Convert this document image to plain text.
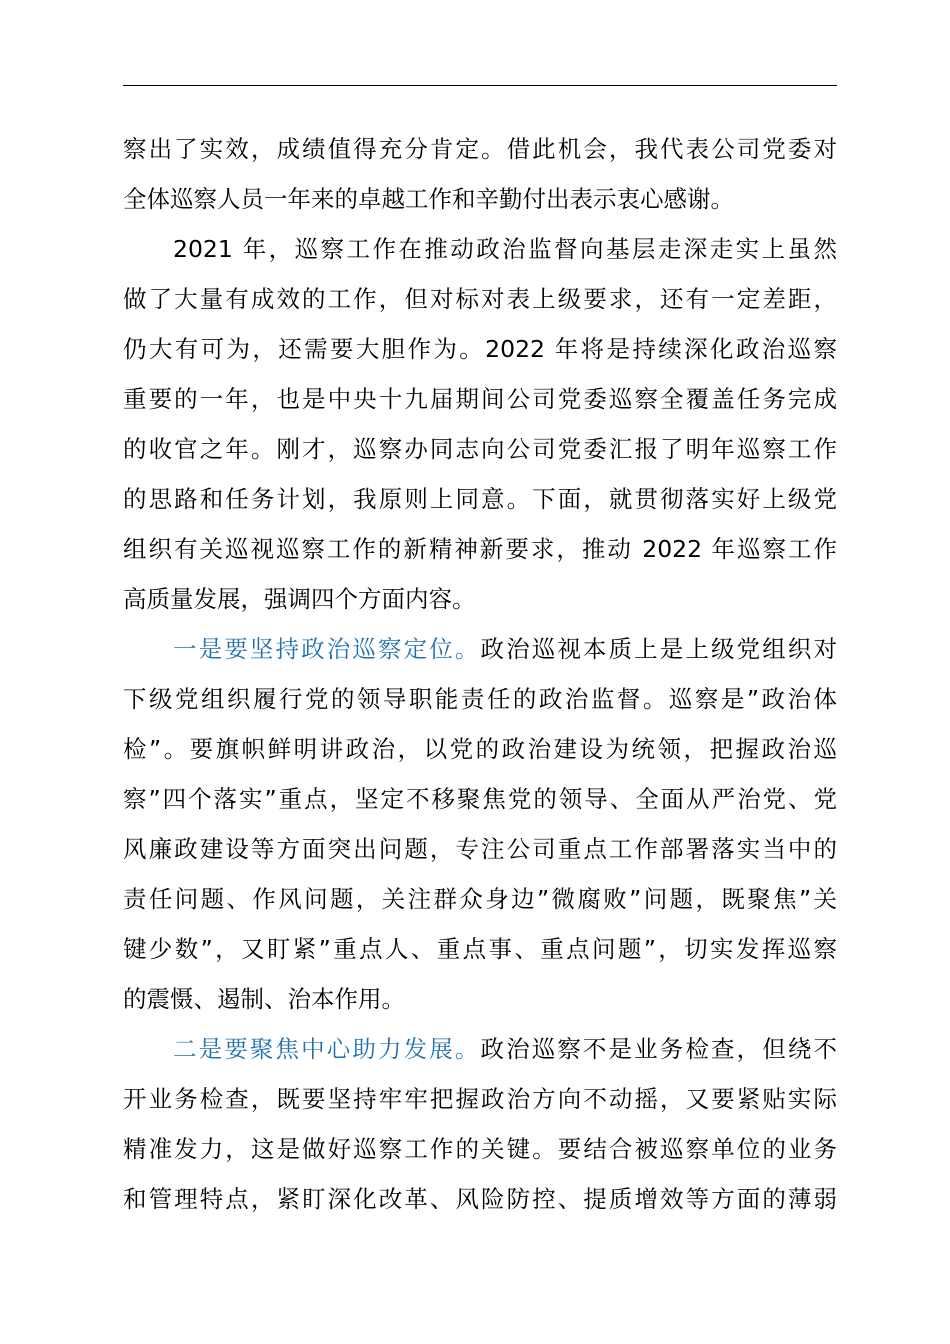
察出了实效，成绩值得充分肯定。借此机会，我代表公司党委对
全体巡察人员一年来的卓越工作和辛勤付出表示衷心感谢。
2021 年，巡察工作在推动政治监督向基层走深走实上虽然
做了大量有成效的工作，但对标对表上级要求，还有一定差距，
仍大有可为，还需要大胆作为。2022 年将是持续深化政治巡察
重要的一年，也是中央十九届期间公司党委巡察全覆盖任务完成
的收官之年。刚才，巡察办同志向公司党委汇报了明年巡察工作
的思路和任务计划，我原则上同意。下面，就贯彻落实好上级党
组织有关巡视巡察工作的新精神新要求，推动 2022 年巡察工作
高质量发展，强调四个方面内容。
一是要坚持政治巡察定位。政治巡视本质上是上级党组织对
下级党组织履行党的领导职能责任的政治监督。巡察是”政治体
检”。要旗帜鲜明讲政治，以党的政治建设为统领，把握政治巡
察”四个落实”重点，坚定不移聚焦党的领导、全面从严治党、党
风廉政建设等方面突出问题，专注公司重点工作部署落实当中的
责任问题、作风问题，关注群众身边”微腐败”问题，既聚焦”关
键少数”，又盯紧”重点人、重点事、重点问题”，切实发挥巡察
的震慑、遏制、治本作用。
二是要聚焦中心助力发展。政治巡察不是业务检查，但绕不
开业务检查，既要坚持牢牢把握政治方向不动摇，又要紧贴实际
精准发力，这是做好巡察工作的关键。要结合被巡察单位的业务
和管理特点，紧盯深化改革、风险防控、提质增效等方面的薄弱
